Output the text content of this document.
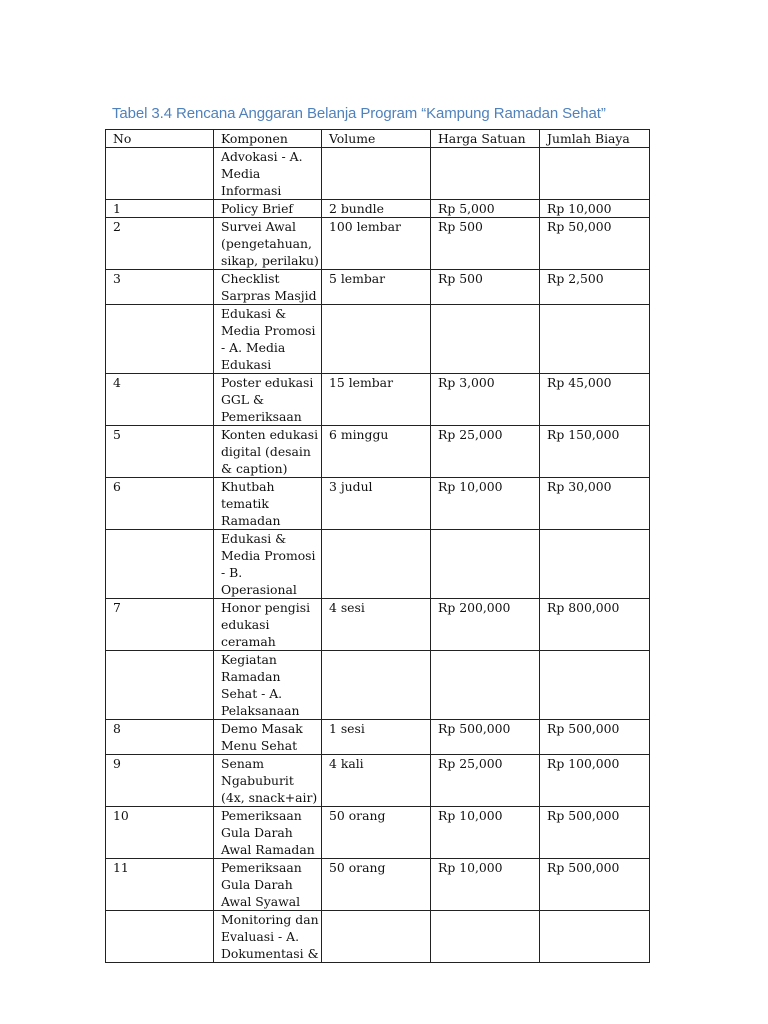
Tabel 3.4 Rencana Anggaran Belanja Program “Kampung Ramadan Sehat”
No	Komponen	Volume	Harga Satuan	Jumlah Biaya
	Advokasi - A. Media Informasi			
1	Policy Brief	2 bundle	Rp 5,000	Rp 10,000
2	Survei Awal (pengetahuan, sikap, perilaku)	100 lembar	Rp 500	Rp 50,000
3	Checklist Sarpras Masjid	5 lembar	Rp 500	Rp 2,500
	Edukasi & Media Promosi - A. Media Edukasi			
4	Poster edukasi GGL & Pemeriksaan	15 lembar	Rp 3,000	Rp 45,000
5	Konten edukasi digital (desain & caption)	6 minggu	Rp 25,000	Rp 150,000
6	Khutbah tematik Ramadan	3 judul	Rp 10,000	Rp 30,000
	Edukasi & Media Promosi - B. Operasional			
7	Honor pengisi edukasi ceramah	4 sesi	Rp 200,000	Rp 800,000
	Kegiatan Ramadan Sehat - A. Pelaksanaan			
8	Demo Masak Menu Sehat	1 sesi	Rp 500,000	Rp 500,000
9	Senam Ngabuburit (4x, snack+air)	4 kali	Rp 25,000	Rp 100,000
10	Pemeriksaan Gula Darah Awal Ramadan	50 orang	Rp 10,000	Rp 500,000
11	Pemeriksaan Gula Darah Awal Syawal	50 orang	Rp 10,000	Rp 500,000
	Monitoring dan Evaluasi - A. Dokumentasi &			
